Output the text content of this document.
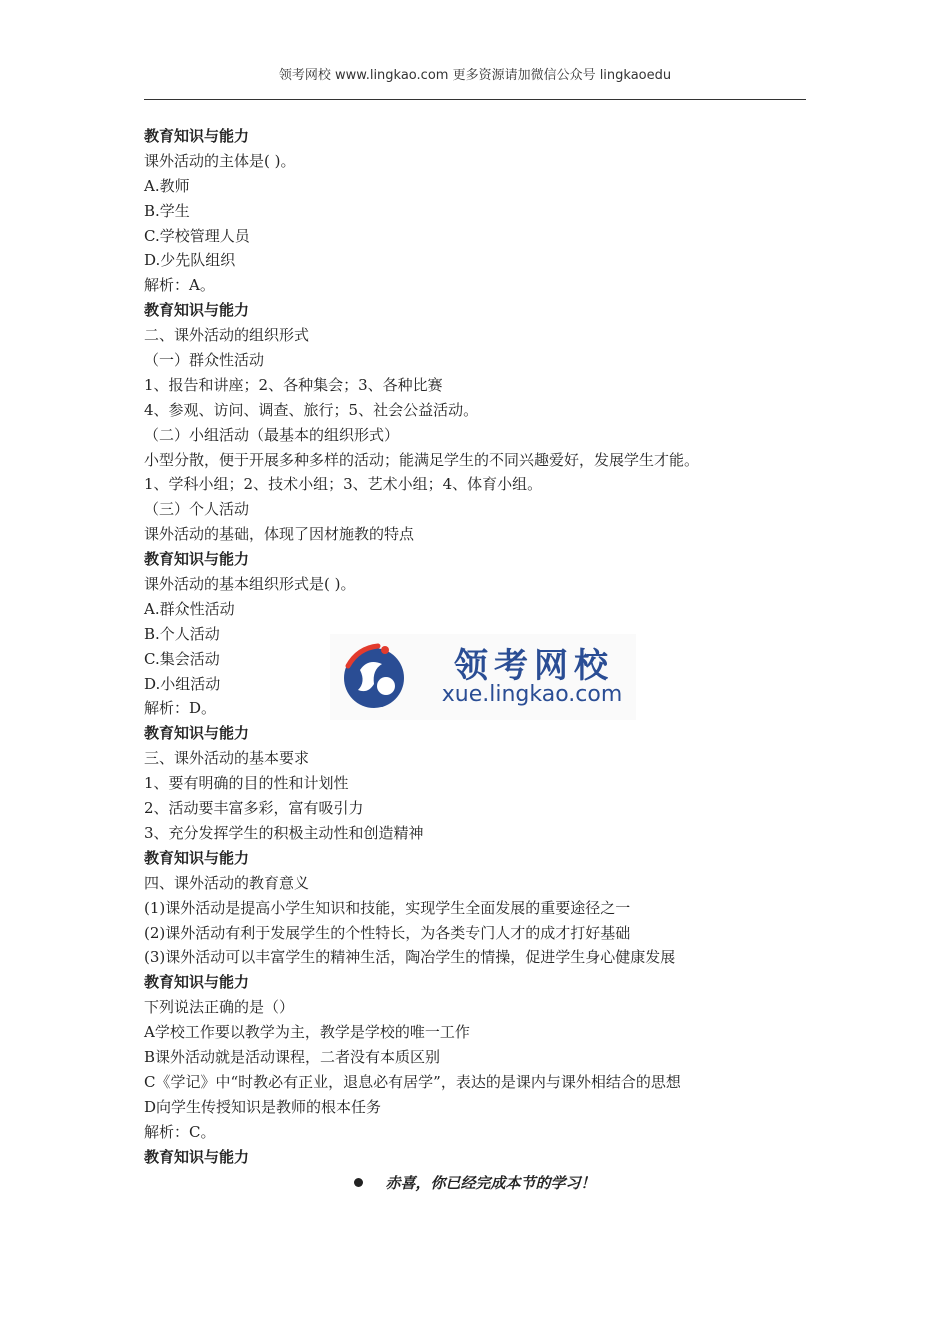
领考网校 www.lingkao.com 更多资源请加微信公众号 lingkaoedu
教育知识与能力
课外活动的主体是( )。
A.教师
B.学生
C.学校管理人员
D.少先队组织
解析：A。
教育知识与能力
二、课外活动的组织形式
（一）群众性活动
1、报告和讲座；2、各种集会；3、各种比赛
4、参观、访问、调查、旅行；5、社会公益活动。
（二）小组活动（最基本的组织形式）
小型分散，便于开展多种多样的活动；能满足学生的不同兴趣爱好，发展学生才能。
1、学科小组；2、技术小组；3、艺术小组；4、体育小组。
（三）个人活动
课外活动的基础，体现了因材施教的特点
教育知识与能力
课外活动的基本组织形式是( )。
A.群众性活动
B.个人活动
C.集会活动
D.小组活动
解析：D。
教育知识与能力
三、课外活动的基本要求
1、要有明确的目的性和计划性
2、活动要丰富多彩，富有吸引力
3、充分发挥学生的积极主动性和创造精神
教育知识与能力
四、课外活动的教育意义
(1)课外活动是提高小学生知识和技能，实现学生全面发展的重要途径之一
(2)课外活动有利于发展学生的个性特长，为各类专门人才的成才打好基础
(3)课外活动可以丰富学生的精神生活，陶冶学生的情操，促进学生身心健康发展
教育知识与能力
下列说法正确的是（）
A学校工作要以教学为主，教学是学校的唯一工作
B课外活动就是活动课程，二者没有本质区别
C《学记》中“时教必有正业，退息必有居学”，表达的是课内与课外相结合的思想
D向学生传授知识是教师的根本任务
解析：C。
教育知识与能力
赤喜，你已经完成本节的学习！
领考网校
xue.lingkao.com
